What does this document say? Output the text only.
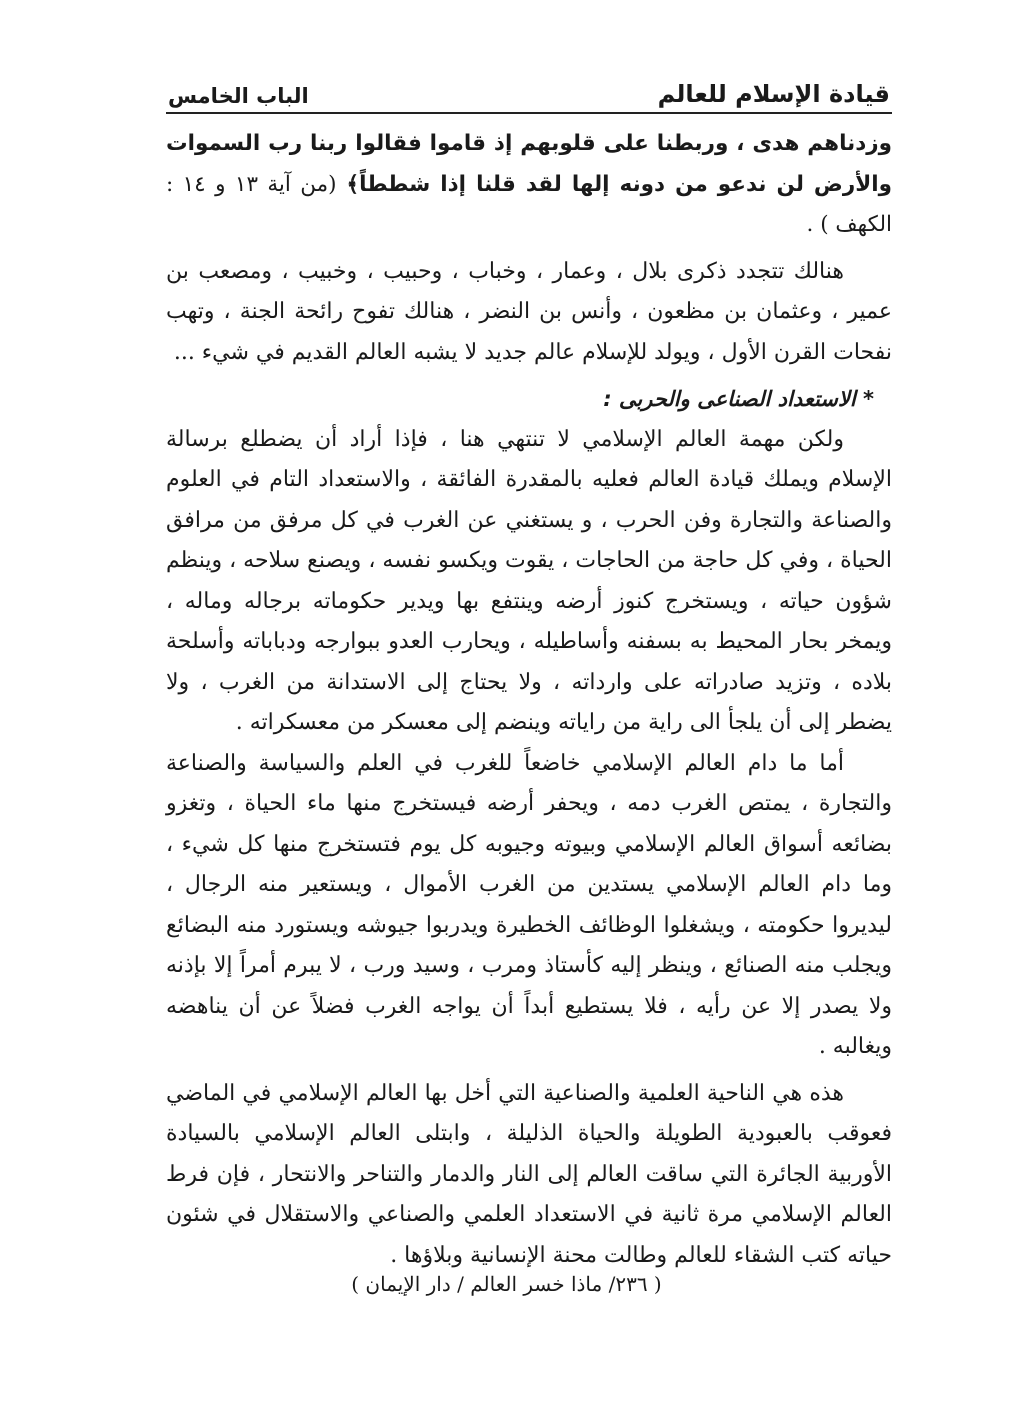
قيادة الإسلام للعالم
الباب الخامس

وزدناهم هدى ، وربطنا على قلوبهم إذ قاموا فقالوا ربنا رب السموات والأرض لن ندعو من دونه إلها لقد قلنا إذا شططاً﴾ (من آية ١٣ و ١٤ : الكهف ) .

هنالك تتجدد ذكرى بلال ، وعمار ، وخباب ، وحبيب ، وخبيب ، ومصعب بن عمير ، وعثمان بن مظعون ، وأنس بن النضر ، هنالك تفوح رائحة الجنة ، وتهب نفحات القرن الأول ، ويولد للإسلام عالم جديد لا يشبه العالم القديم في شيء ...

* الاستعداد الصناعى والحربى :

ولكن مهمة العالم الإسلامي لا تنتهي هنا ، فإذا أراد أن يضطلع برسالة الإسلام ويملك قيادة العالم فعليه بالمقدرة الفائقة ، والاستعداد التام في العلوم والصناعة والتجارة وفن الحرب ، و يستغني عن الغرب في كل مرفق من مرافق الحياة ، وفي كل حاجة من الحاجات ، يقوت ويكسو نفسه ، ويصنع سلاحه ، وينظم شؤون حياته ، ويستخرج كنوز أرضه وينتفع بها ويدير حكوماته برجاله وماله ، ويمخر بحار المحيط به بسفنه وأساطيله ، ويحارب العدو ببوارجه ودباباته وأسلحة بلاده ، وتزيد صادراته على وارداته ، ولا يحتاج إلى الاستدانة من الغرب ، ولا يضطر إلى أن يلجأ الى راية من راياته وينضم إلى معسكر من معسكراته .

أما ما دام العالم الإسلامي خاضعاً للغرب في العلم والسياسة والصناعة والتجارة ، يمتص الغرب دمه ، ويحفر أرضه فيستخرج منها ماء الحياة ، وتغزو بضائعه أسواق العالم الإسلامي وبيوته وجيوبه كل يوم فتستخرج منها كل شيء ، وما دام العالم الإسلامي يستدين من الغرب الأموال ، ويستعير منه الرجال ، ليديروا حكومته ، ويشغلوا الوظائف الخطيرة ويدربوا جيوشه ويستورد منه البضائع ويجلب منه الصنائع ، وينظر إليه كأستاذ ومرب ، وسيد ورب ، لا يبرم أمراً إلا بإذنه ولا يصدر إلا عن رأيه ، فلا يستطيع أبداً أن يواجه الغرب فضلاً عن أن يناهضه ويغالبه .

هذه هي الناحية العلمية والصناعية التي أخل بها العالم الإسلامي في الماضي فعوقب بالعبودية الطويلة والحياة الذليلة ، وابتلى العالم الإسلامي بالسيادة الأوربية الجائرة التي ساقت العالم إلى النار والدمار والتناحر والانتحار ، فإن فرط العالم الإسلامي مرة ثانية في الاستعداد العلمي والصناعي والاستقلال في شئون حياته كتب الشقاء للعالم وطالت محنة الإنسانية وبلاؤها .

( ٢٣٦/ ماذا خسر العالم / دار الإيمان )
